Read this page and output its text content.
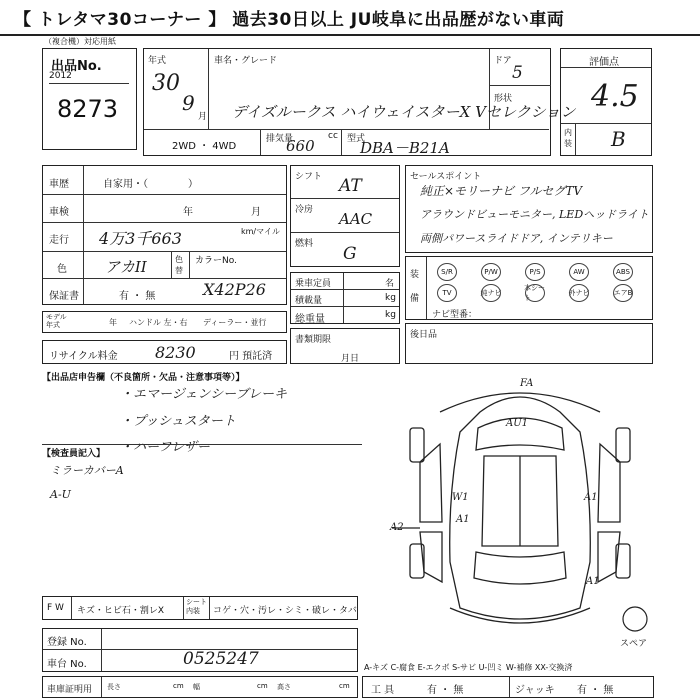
【 トレタマ30コーナー 】 過去30日以上 JU岐阜に出品歴がない車両
（複合機）対応用紙
出品No.
2012
8273
年式
30
9
月
車名・グレード
デイズルークス ハイウェイスターX Vセレクション
ドア
5
形状
2WD ・ 4WD
排気量
660
cc 型式
DBA－B21A
評価点
4.5
内装 B
車歴	自家用・（　　　　）
車検	年	月
走行 4万3千663	km/マイル
色	アカII	色替
カラーNo.
保証書	有 ・ 無	X42P26
モデル年式	年 ハンドル 左・右 ディーラー・並行
リサイクル料金 8230	円 預託済
シフト AT
冷房 AAC
燃料 G
乗車定員	名
積載量	kg
総重量	kg
書類期限
月日
セールスポイント
純正×モリーナビ フルセグTV
アラウンドビューモニター, LEDヘッドライト
両側パワースライドドア, インテリキー
装備
S/R	P/W	P/S	AW	ABS
TV	純ナビ
本シート
外ナビ	エアB
ナビ型番：
後日品
【出品店申告欄（不良箇所・欠品・注意事項等）】
・エマージェンシーブレーキ
・プッシュスタート
・ハーフレザー
【検査員記入】
ミラーカバーA
A-U
FA
AU1
W1	A1
A1
A2
A1
スペア
F W キズ・ヒビ石・割レX
シート内装	コゲ・穴・汚レ・シミ・破レ・タバ
登録 No.
車台 No.	0525247
車庫証明用 長さ	cm 幅	cm 高さ	cm
A-キズ C-腐食 E-エクボ S-サビ U-凹ミ W-補修 XX-交換済
工 具	有 ・ 無	ジャッキ 有 ・ 無
